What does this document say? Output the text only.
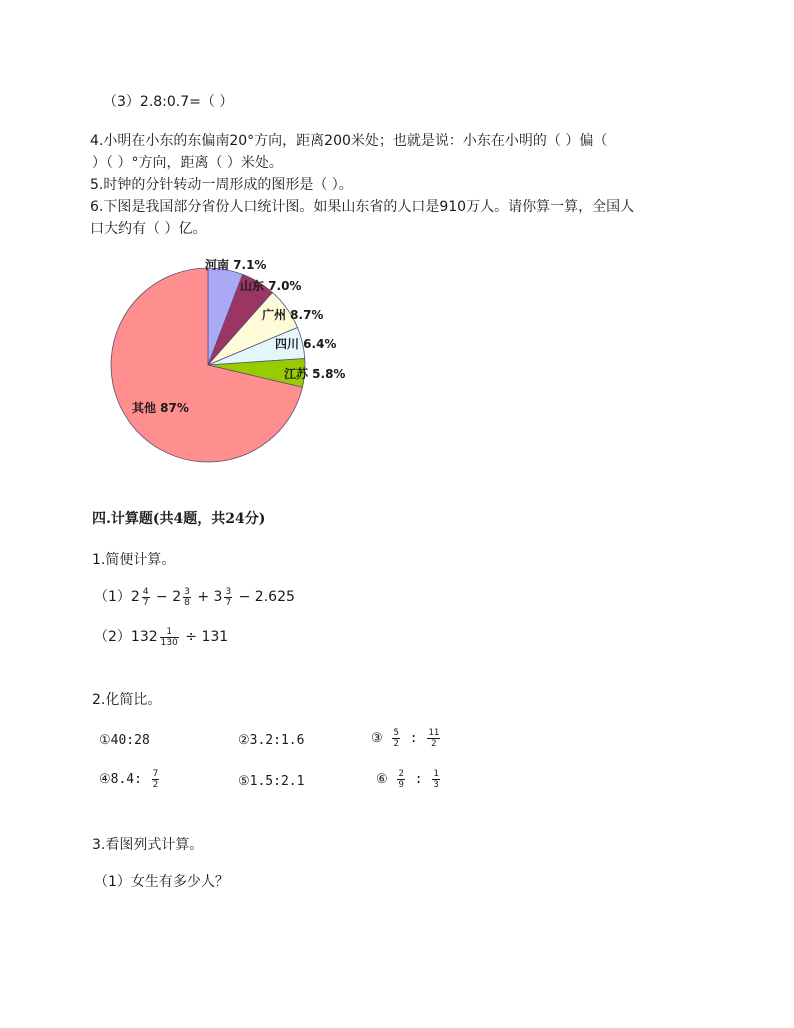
（3）2.8:0.7=（ ）
4.小明在小东的东偏南20°方向，距离200米处；也就是说：小东在小明的（ ）偏（
）（ ）°方向，距离（ ）米处。
5.时钟的分针转动一周形成的图形是（ ）。
6.下图是我国部分省份人口统计图。如果山东省的人口是910万人。请你算一算，全国人
口大约有（ ）亿。
河南 7.1%
山东 7.0%
广州 8.7%
四川 6.4%
江苏 5.8%
其他 87%
四.计算题(共4题，共24分)
1.简便计算。
$(1)2 \frac{4}{7} - 2 \frac{3}{8} + 3 \frac{3}{7} - 2.625$
$(2)132 \frac{1}{130} \div 131$
2.化简比。
①40:28	②3.2:1.6	③ $\frac{5}{2}$ : $\frac{11}{2}$
④8.4: $\frac{7}{2}$	⑤1.5:2.1	⑥ $\frac{2}{9}$ : $\frac{1}{3}$
3.看图列式计算。
（1）女生有多少人？
